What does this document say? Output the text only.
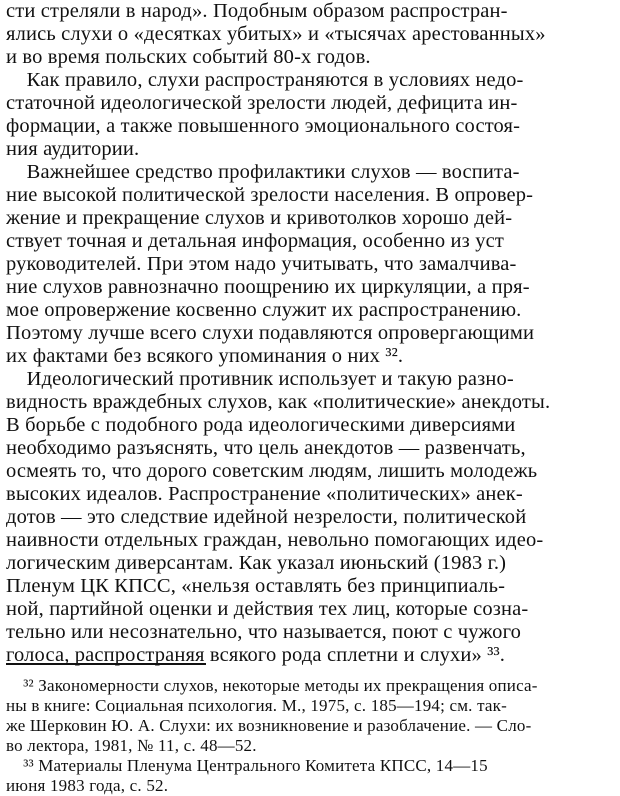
сти стреляли в народ». Подобным образом распростран-
ялись слухи о «десятках убитых» и «тысячах арестованных»
и во время польских событий 80-х годов.
 Как правило, слухи распространяются в условиях недо-
статочной идеологической зрелости людей, дефицита ин-
формации, а также повышенного эмоционального состоя-
ния аудитории.
 Важнейшее средство профилактики слухов — воспита-
ние высокой политической зрелости населения. В опровер-
жение и прекращение слухов и кривотолков хорошо дей-
ствует точная и детальная информация, особенно из уст
руководителей. При этом надо учитывать, что замалчива-
ние слухов равнозначно поощрению их циркуляции, а пря-
мое опровержение косвенно служит их распространению.
Поэтому лучше всего слухи подавляются опровергающими
их фактами без всякого упоминания о них ³².
 Идеологический противник использует и такую разно-
видность враждебных слухов, как «политические» анекдоты.
В борьбе с подобного рода идеологическими диверсиями
необходимо разъяснять, что цель анекдотов — развенчать,
осмеять то, что дорого советским людям, лишить молодежь
высоких идеалов. Распространение «политических» анек-
дотов — это следствие идейной незрелости, политической
наивности отдельных граждан, невольно помогающих идео-
логическим диверсантам. Как указал июньский (1983 г.)
Пленум ЦК КПСС, «нельзя оставлять без принципиаль-
ной, партийной оценки и действия тех лиц, которые созна-
тельно или несознательно, что называется, поют с чужого
голоса, распространяя всякого рода сплетни и слухи» ³³.
 ³² Закономерности слухов, некоторые методы их прекращения описа-
ны в книге: Социальная психология. М., 1975, с. 185—194; см. так-
же Шерковин Ю. А. Слухи: их возникновение и разоблачение. — Сло-
во лектора, 1981, № 11, с. 48—52.
 ³³ Материалы Пленума Центрального Комитета КПСС, 14—15
июня 1983 года, с. 52.
